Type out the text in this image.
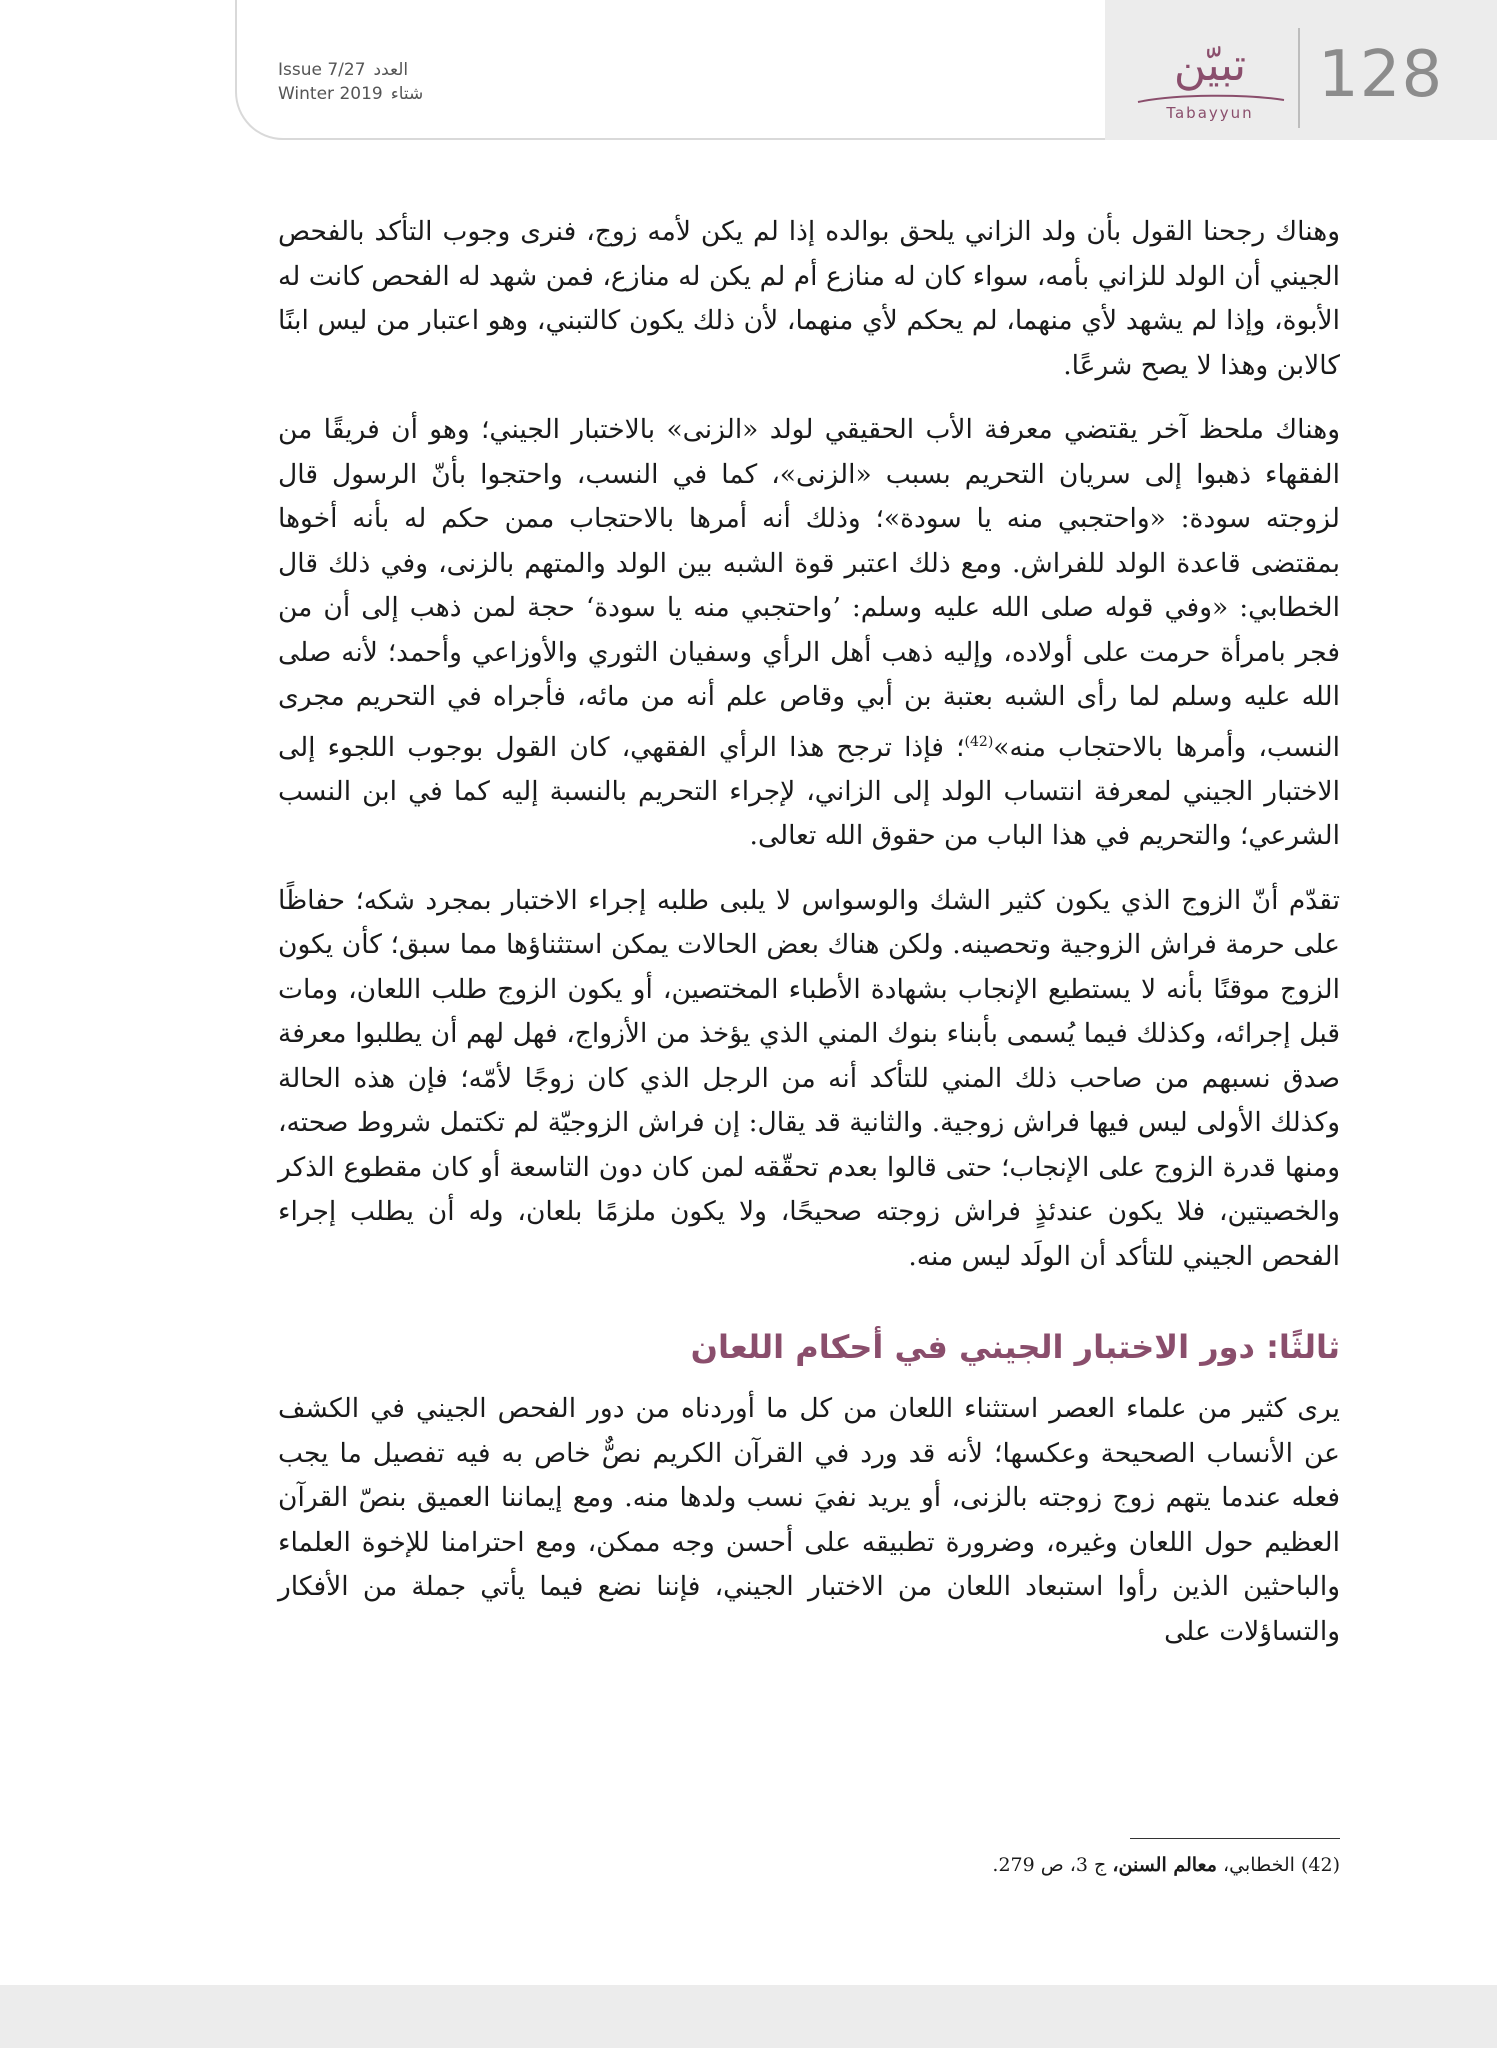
128
تبيّن
Tabayyun
Issue 7/27 العدد
Winter 2019 شتاء

وهناك رجحنا القول بأن ولد الزاني يلحق بوالده إذا لم يكن لأمه زوج، فنرى وجوب التأكد بالفحص الجيني أن الولد للزاني بأمه، سواء كان له منازع أم لم يكن له منازع، فمن شهد له الفحص كانت له الأبوة، وإذا لم يشهد لأي منهما، لم يحكم لأي منهما، لأن ذلك يكون كالتبني، وهو اعتبار من ليس ابنًا كالابن وهذا لا يصح شرعًا.

وهناك ملحظ آخر يقتضي معرفة الأب الحقيقي لولد «الزنى» بالاختبار الجيني؛ وهو أن فريقًا من الفقهاء ذهبوا إلى سريان التحريم بسبب «الزنى»، كما في النسب، واحتجوا بأنّ الرسول قال لزوجته سودة: «واحتجبي منه يا سودة»؛ وذلك أنه أمرها بالاحتجاب ممن حكم له بأنه أخوها بمقتضى قاعدة الولد للفراش. ومع ذلك اعتبر قوة الشبه بين الولد والمتهم بالزنى، وفي ذلك قال الخطابي: «وفي قوله صلى الله عليه وسلم: ’واحتجبي منه يا سودة‘ حجة لمن ذهب إلى أن من فجر بامرأة حرمت على أولاده، وإليه ذهب أهل الرأي وسفيان الثوري والأوزاعي وأحمد؛ لأنه صلى الله عليه وسلم لما رأى الشبه بعتبة بن أبي وقاص علم أنه من مائه، فأجراه في التحريم مجرى النسب، وأمرها بالاحتجاب منه»$^{(42)}$؛ فإذا ترجح هذا الرأي الفقهي، كان القول بوجوب اللجوء إلى الاختبار الجيني لمعرفة انتساب الولد إلى الزاني، لإجراء التحريم بالنسبة إليه كما في ابن النسب الشرعي؛ والتحريم في هذا الباب من حقوق الله تعالى.

تقدّم أنّ الزوج الذي يكون كثير الشك والوسواس لا يلبى طلبه إجراء الاختبار بمجرد شكه؛ حفاظًا على حرمة فراش الزوجية وتحصينه. ولكن هناك بعض الحالات يمكن استثناؤها مما سبق؛ كأن يكون الزوج موقنًا بأنه لا يستطيع الإنجاب بشهادة الأطباء المختصين، أو يكون الزوج طلب اللعان، ومات قبل إجرائه، وكذلك فيما يُسمى بأبناء بنوك المني الذي يؤخذ من الأزواج، فهل لهم أن يطلبوا معرفة صدق نسبهم من صاحب ذلك المني للتأكد أنه من الرجل الذي كان زوجًا لأمّه؛ فإن هذه الحالة وكذلك الأولى ليس فيها فراش زوجية. والثانية قد يقال: إن فراش الزوجيّة لم تكتمل شروط صحته، ومنها قدرة الزوج على الإنجاب؛ حتى قالوا بعدم تحقّقه لمن كان دون التاسعة أو كان مقطوع الذكر والخصيتين، فلا يكون عندئذٍ فراش زوجته صحيحًا، ولا يكون ملزمًا بلعان، وله أن يطلب إجراء الفحص الجيني للتأكد أن الولَد ليس منه.

ثالثًا: دور الاختبار الجيني في أحكام اللعان

يرى كثير من علماء العصر استثناء اللعان من كل ما أوردناه من دور الفحص الجيني في الكشف عن الأنساب الصحيحة وعكسها؛ لأنه قد ورد في القرآن الكريم نصٌّ خاص به فيه تفصيل ما يجب فعله عندما يتهم زوج زوجته بالزنى، أو يريد نفيَ نسب ولدها منه. ومع إيماننا العميق بنصّ القرآن العظيم حول اللعان وغيره، وضرورة تطبيقه على أحسن وجه ممكن، ومع احترامنا للإخوة العلماء والباحثين الذين رأوا استبعاد اللعان من الاختبار الجيني، فإننا نضع فيما يأتي جملة من الأفكار والتساؤلات على

(42) الخطابي، معالم السنن، ج 3، ص 279.
